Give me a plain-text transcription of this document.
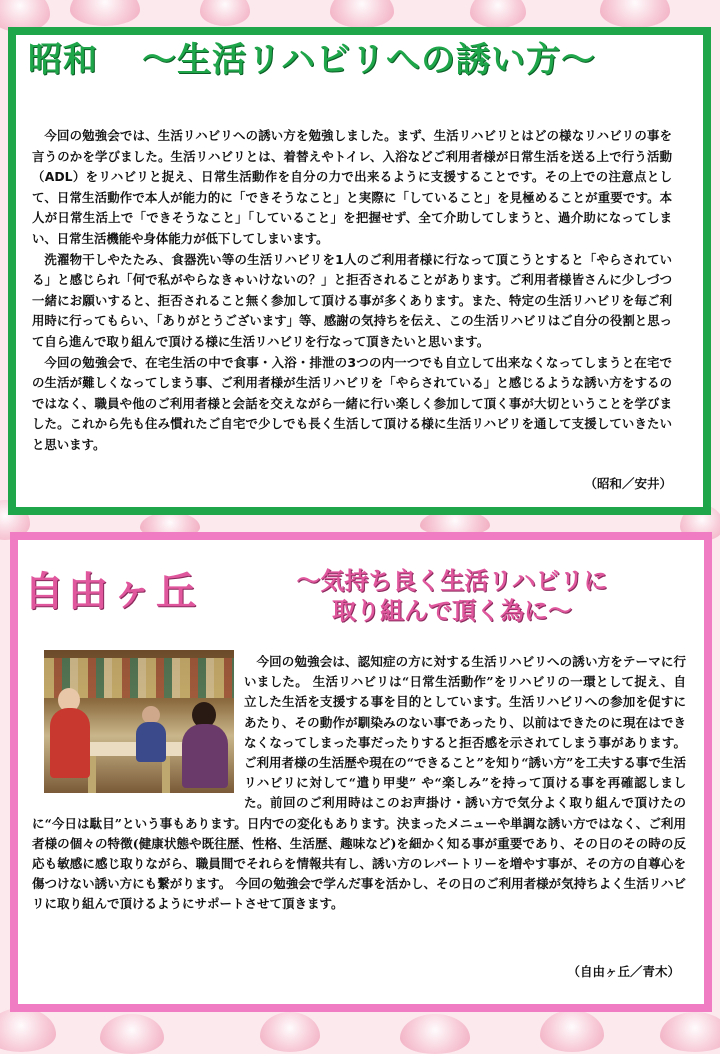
昭和 ～生活リハビリへの誘い方～

今回の勉強会では、生活リハビリへの誘い方を勉強しました。まず、生活リハビリとはどの様なリハビリの事を言うのかを学びました。生活リハビリとは、着替えやトイレ、入浴などご利用者様が日常生活を送る上で行う活動（ADL）をリハビリと捉え、日常生活動作を自分の力で出来るように支援することです。その上での注意点として、日常生活動作で本人が能力的に「できそうなこと」と実際に「していること」を見極めることが重要です。本人が日常生活上で「できそうなこと」「していること」を把握せず、全て介助してしまうと、過介助になってしまい、日常生活機能や身体能力が低下してしまいます。

洗濯物干しやたたみ、食器洗い等の生活リハビリを1人のご利用者様に行なって頂こうとすると「やらされている」と感じられ「何で私がやらなきゃいけないの？」と拒否されることがあります。ご利用者様皆さんに少しづつ一緒にお願いすると、拒否されること無く参加して頂ける事が多くあります。また、特定の生活リハビリを毎ご利用時に行ってもらい、「ありがとうございます」等、感謝の気持ちを伝え、この生活リハビリはご自分の役割と思って自ら進んで取り組んで頂ける様に生活リハビリを行なって頂きたいと思います。

今回の勉強会で、在宅生活の中で食事・入浴・排泄の3つの内一つでも自立して出来なくなってしまうと在宅での生活が難しくなってしまう事、ご利用者様が生活リハビリを「やらされている」と感じるような誘い方をするのではなく、職員や他のご利用者様と会話を交えながら一緒に行い楽しく参加して頂く事が大切ということを学びました。これから先も住み慣れたご自宅で少しでも長く生活して頂ける様に生活リハビリを通して支援していきたいと思います。

（昭和／安井）

自由ヶ丘	～気持ち良く生活リハビリに
取り組んで頂く為に～

今回の勉強会は、認知症の方に対する生活リハビリへの誘い方をテーマに行いました。 生活リハビリは“日常生活動作”をリハビリの一環として捉え、自立した生活を支援する事を目的としています。生活リハビリへの参加を促すにあたり、その動作が馴染みのない事であったり、以前はできたのに現在はできなくなってしまった事だったりすると拒否感を示されてしまう事があります。ご利用者様の生活歴や現在の“できること”を知り“誘い方”を工夫する事で生活リハビリに対して“遣り甲斐” や“楽しみ”を持って頂ける事を再確認しました。前回のご利用時はこのお声掛け・誘い方で気分よく取り組んで頂けたのに“今日は駄目”という事もあります。日内での変化もあります。決まったメニューや単調な誘い方ではなく、ご利用者様の個々の特徴(健康状態や既往歴、性格、生活歴、趣味など)を細かく知る事が重要であり、その日のその時の反応も敏感に感じ取りながら、職員間でそれらを情報共有し、誘い方のレパートリーを増やす事が、その方の自尊心を傷つけない誘い方にも繋がります。 今回の勉強会で学んだ事を活かし、その日のご利用者様が気持ちよく生活リハビリに取り組んで頂けるようにサポートさせて頂きます。

（自由ヶ丘／青木）
